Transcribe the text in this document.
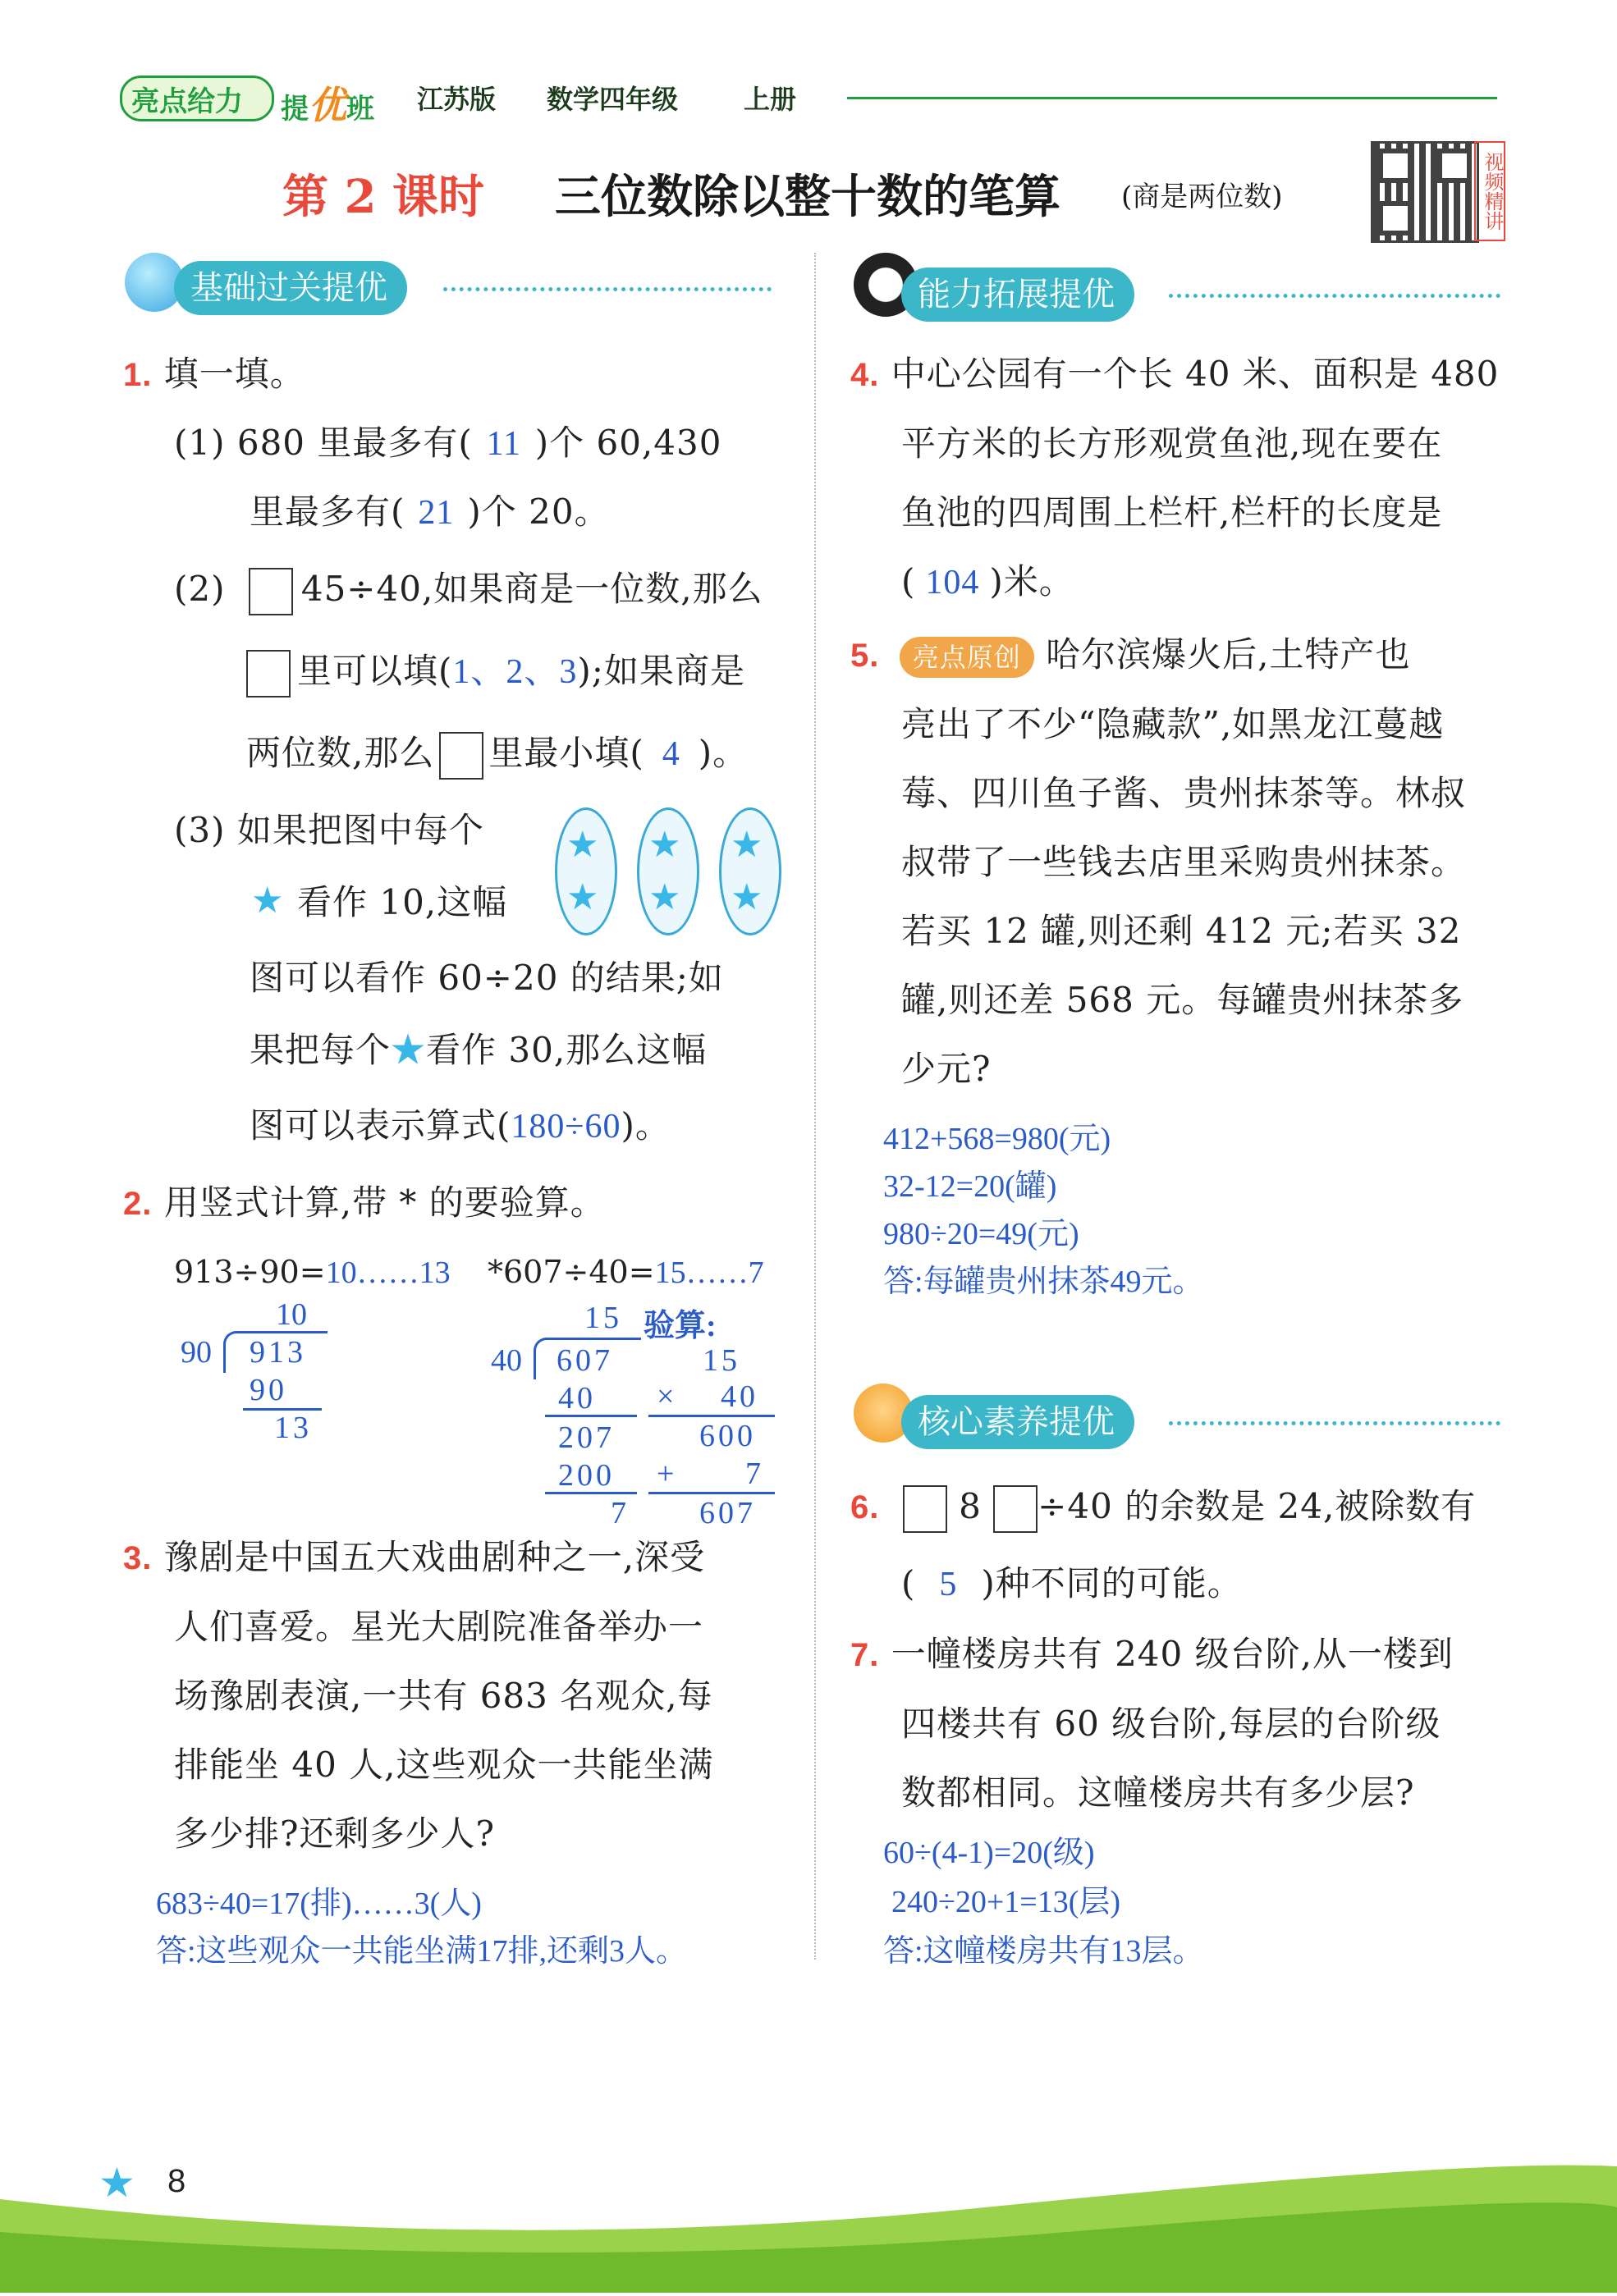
亮点给力 提优班 江苏版 数学四年级 上册
第 2 课时 三位数除以整十数的笔算 (商是两位数)	视频精讲
基础过关提优	能力拓展提优
核心素养提优
1. 填一填。
(1) 680 里最多有( 11 )个 60,430
里最多有( 21 )个 20。
(2) 45÷40,如果商是一位数,那么
里可以填(1、2、3);如果商是
两位数,那么 里最小填( 4 )。
(3) 如果把图中每个
★ 看作 10,这幅
图可以看作 60÷20 的结果;如
果把每个★看作 30,那么这幅
图可以表示算式(180÷60)。
★
★
★
★
★
★
2. 用竖式计算,带 * 的要验算。
913÷90=10……13 *607÷40=15……7
10
90 913
90
13
15
40 607
40
207
200
7
验算:
15
× 40
600
+ 7
607
3. 豫剧是中国五大戏曲剧种之一,深受
人们喜爱。星光大剧院准备举办一
场豫剧表演,一共有 683 名观众,每
排能坐 40 人,这些观众一共能坐满
多少排?还剩多少人?
683÷40=17(排)……3(人)
答:这些观众一共能坐满17排,还剩3人。
4. 中心公园有一个长 40 米、面积是 480
平方米的长方形观赏鱼池,现在要在
鱼池的四周围上栏杆,栏杆的长度是
( 104 )米。
5. 亮点原创 哈尔滨爆火后,土特产也
亮出了不少“隐藏款”,如黑龙江蔓越
莓、四川鱼子酱、贵州抹茶等。林叔
叔带了一些钱去店里采购贵州抹茶。
若买 12 罐,则还剩 412 元;若买 32
罐,则还差 568 元。每罐贵州抹茶多
少元?
412+568=980(元)
32-12=20(罐)
980÷20=49(元)
答:每罐贵州抹茶49元。
6. 8 ÷40 的余数是 24,被除数有
( 5 )种不同的可能。
7. 一幢楼房共有 240 级台阶,从一楼到
四楼共有 60 级台阶,每层的台阶级
数都相同。这幢楼房共有多少层?
60÷(4-1)=20(级)
240÷20+1=13(层)
答:这幢楼房共有13层。
★ 8
